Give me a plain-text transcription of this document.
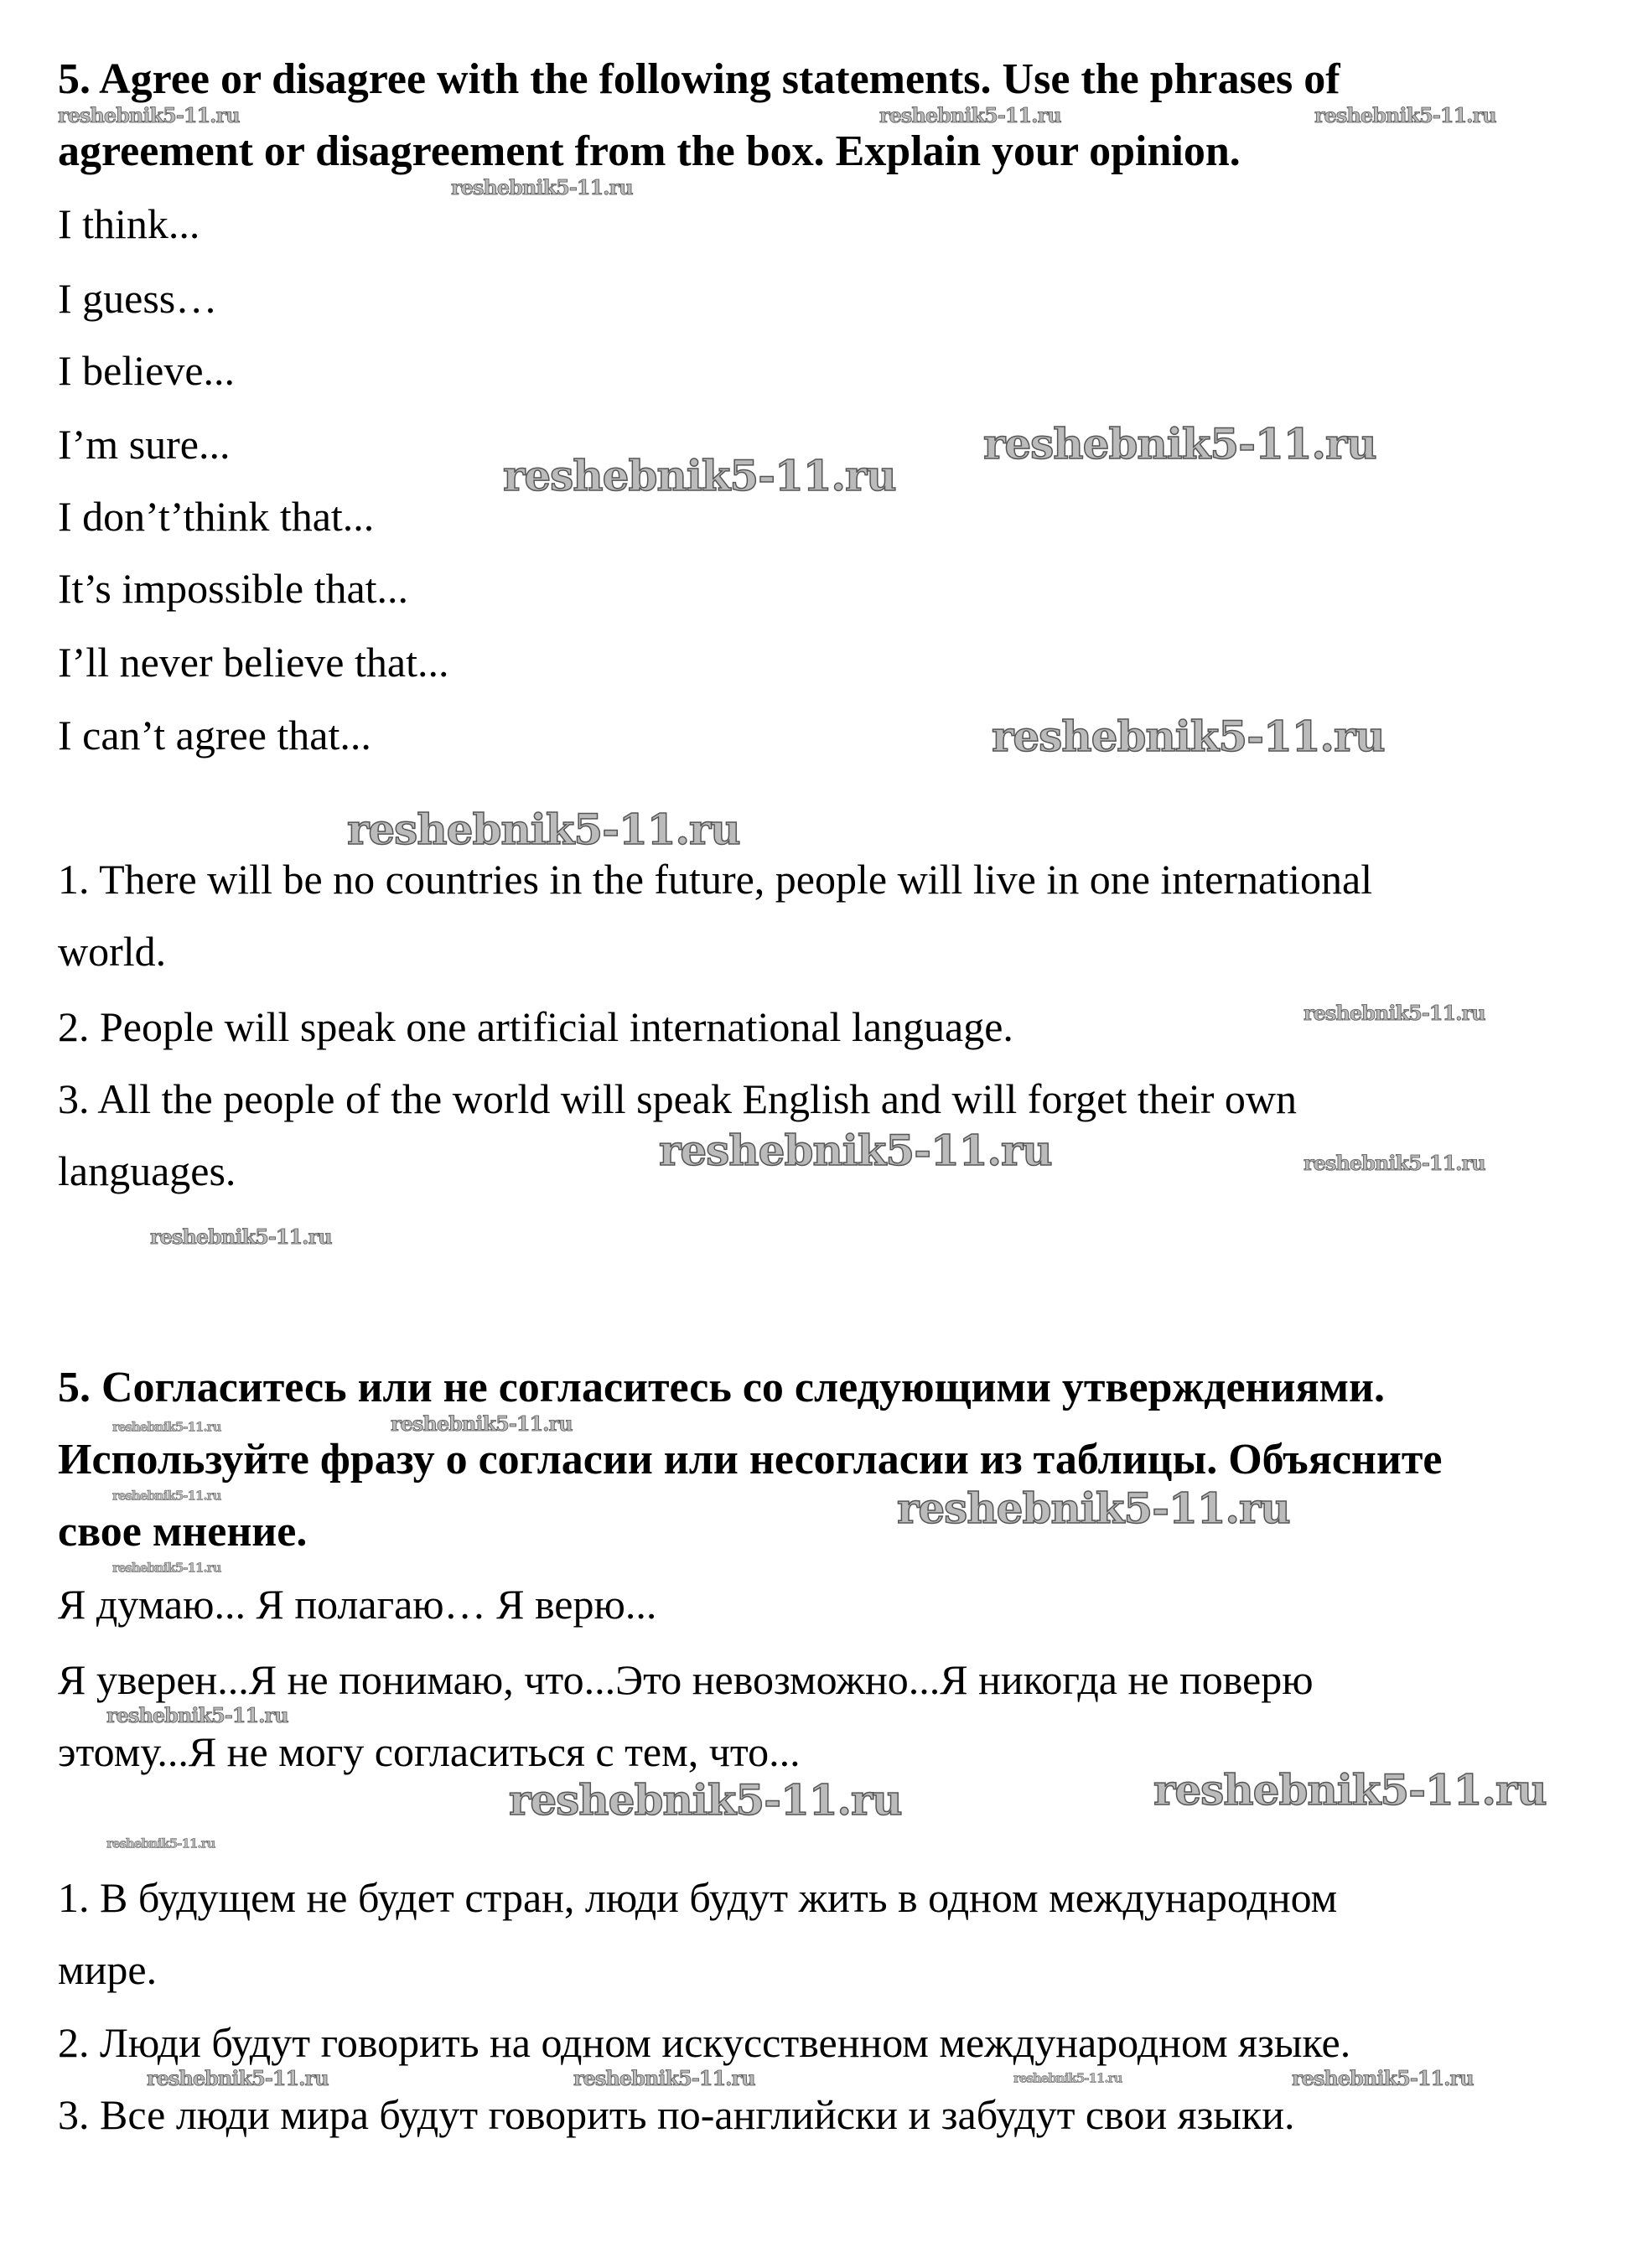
5. Agree or disagree with the following statements. Use the phrases of
agreement or disagreement from the box. Explain your opinion.
I think...
I guess…
I believe...
I’m sure...
I don’t’think that...
It’s impossible that...
I’ll never believe that...
I can’t agree that...
1. There will be no countries in the future, people will live in one international
world.
2. People will speak one artificial international language.
3. All the people of the world will speak English and will forget their own
languages.
5. Согласитесь или не согласитесь со следующими утверждениями.
Используйте фразу о согласии или несогласии из таблицы. Объясните
свое мнение.
Я думаю... Я полагаю… Я верю...
Я уверен...Я не понимаю, что...Это невозможно...Я никогда не поверю
этому...Я не могу согласиться с тем, что...
1. В будущем не будет стран, люди будут жить в одном международном
мире.
2. Люди будут говорить на одном искусственном международном языке.
3. Все люди мира будут говорить по-английски и забудут свои языки.
reshebnik5-11.ru	reshebnik5-11.ru	reshebnik5-11.ru
reshebnik5-11.ru
reshebnik5-11.ru
reshebnik5-11.ru
reshebnik5-11.ru
reshebnik5-11.ru
reshebnik5-11.ru
reshebnik5-11.ru	reshebnik5-11.ru
reshebnik5-11.ru
reshebnik5-11.ru	reshebnik5-11.ru
reshebnik5-11.ru	reshebnik5-11.ru
reshebnik5-11.ru
reshebnik5-11.ru
reshebnik5-11.ru	reshebnik5-11.ru
reshebnik5-11.ru
reshebnik5-11.ru	reshebnik5-11.ru	reshebnik5-11.ru	reshebnik5-11.ru
